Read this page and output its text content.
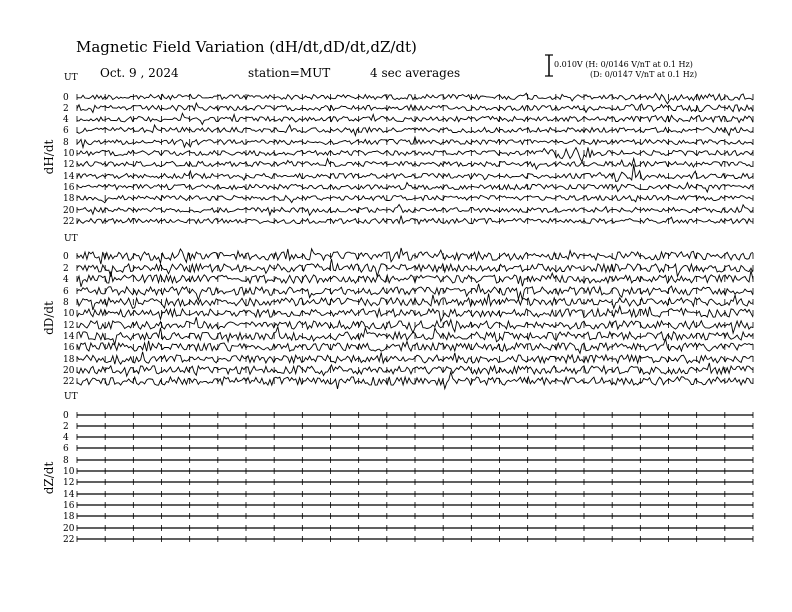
Magnetic Field Variation (dH/dt,dD/dt,dZ/dt)
Oct. 9 , 2024	station=MUT	4 sec averages
0.010V (H: 0/0146 V/nT at 0.1 Hz)
(D: 0/0147 V/nT at 0.1 Hz)
UT
dH/dt
0
2
4
6
8
10
12
14
16
18
20
22
UT
dD/dt
0
2
4
6
8
10
12
14
16
18
20
22
UT
dZ/dt
0
2
4
6
8
10
12
14
16
18
20
22
